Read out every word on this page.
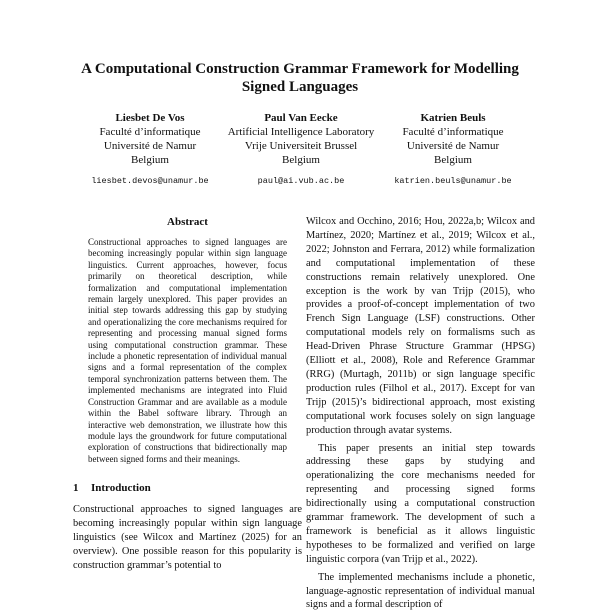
A Computational Construction Grammar Framework for Modelling Signed Languages
Liesbet De Vos
Faculté d’informatique
Université de Namur
Belgium
liesbet.devos@unamur.be
Paul Van Eecke
Artificial Intelligence Laboratory
Vrije Universiteit Brussel
Belgium
paul@ai.vub.ac.be
Katrien Beuls
Faculté d’informatique
Université de Namur
Belgium
katrien.beuls@unamur.be
Abstract

Constructional approaches to signed languages are becoming increasingly popular within sign language linguistics. Current approaches, however, focus primarily on theoretical description, while formalization and computational implementation remain largely unexplored. This paper provides an initial step towards addressing this gap by studying and operationalizing the core mechanisms required for representing and processing manual signed forms using computational construction grammar. These include a phonetic representation of individual manual signs and a formal representation of the complex temporal synchronization patterns between them. The implemented mechanisms are integrated into Fluid Construction Grammar and are available as a module within the Babel software library. Through an interactive web demonstration, we illustrate how this module lays the groundwork for future computational exploration of constructions that bidirectionally map between signed forms and their meanings.

1 Introduction

Constructional approaches to signed languages are becoming increasingly popular within sign language linguistics (see Wilcox and Martínez (2025) for an overview). One possible reason for this popularity is construction grammar’s potential to

Wilcox and Occhino, 2016; Hou, 2022a,b; Wilcox and Martínez, 2020; Martínez et al., 2019; Wilcox et al., 2022; Johnston and Ferrara, 2012) while formalization and computational implementation of these constructions remain relatively unexplored. One exception is the work by van Trijp (2015), who provides a proof-of-concept implementation of two French Sign Language (LSF) constructions. Other computational models rely on formalisms such as Head-Driven Phrase Structure Grammar (HPSG) (Elliott et al., 2008), Role and Reference Grammar (RRG) (Murtagh, 2011b) or sign language specific production rules (Filhol et al., 2017). Except for van Trijp (2015)’s bidirectional approach, most existing computational work focuses solely on sign language production through avatar systems.

This paper presents an initial step towards addressing these gaps by studying and operationalizing the core mechanisms needed for representing and processing signed forms bidirectionally using a computational construction grammar framework. The development of such a framework is beneficial as it allows linguistic hypotheses to be formalized and verified on large linguistic corpora (van Trijp et al., 2022).

The implemented mechanisms include a phonetic, language-agnostic representation of individual manual signs and a formal description of
